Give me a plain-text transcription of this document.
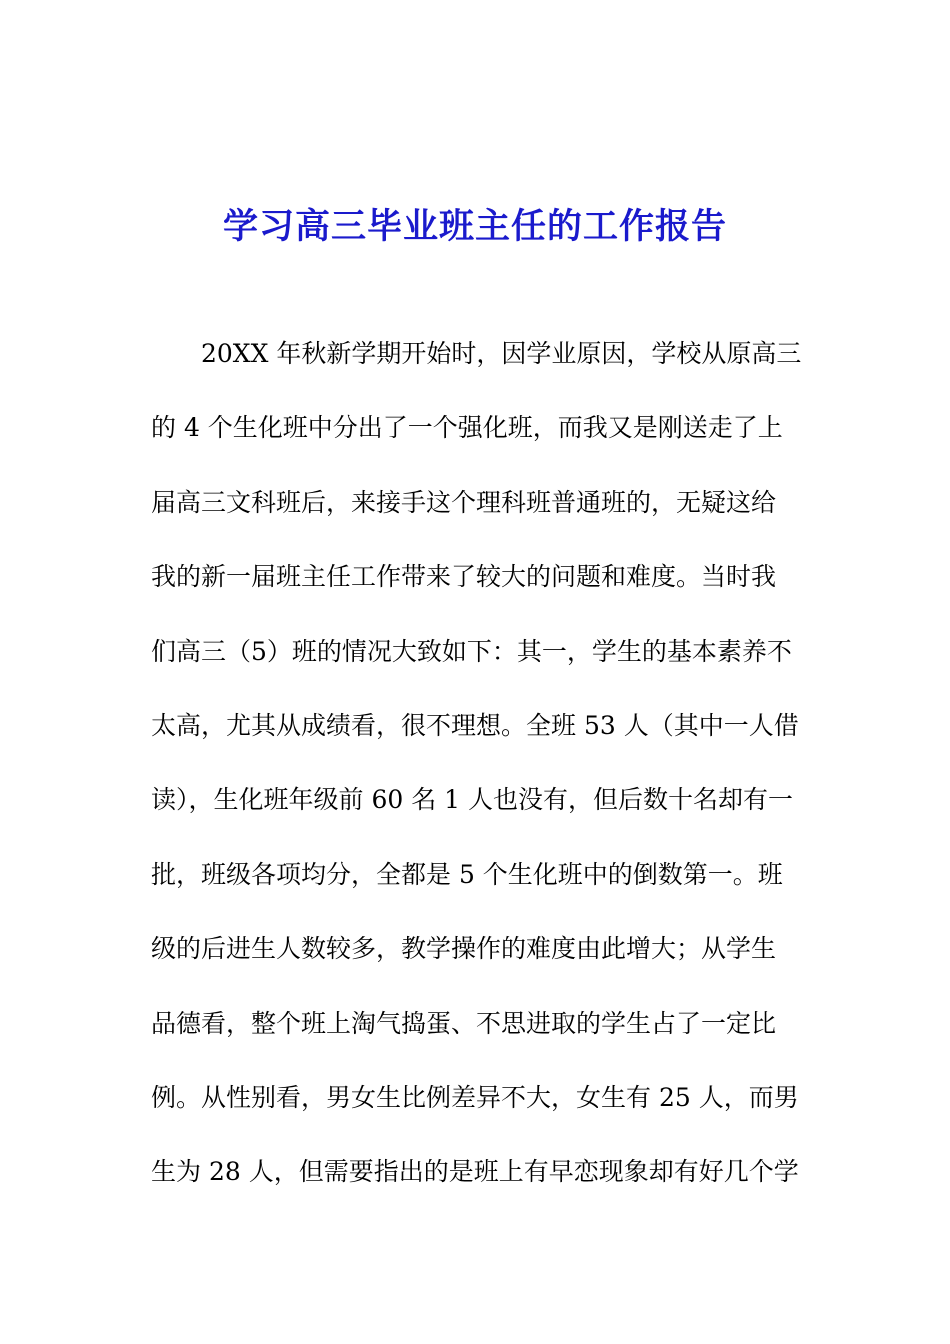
学习高三毕业班主任的工作报告
20XX 年秋新学期开始时，因学业原因，学校从原高三
的 4 个生化班中分出了一个强化班，而我又是刚送走了上
届高三文科班后，来接手这个理科班普通班的，无疑这给
我的新一届班主任工作带来了较大的问题和难度。当时我
们高三（5）班的情况大致如下：其一，学生的基本素养不
太高，尤其从成绩看，很不理想。全班 53 人（其中一人借
读），生化班年级前 60 名 1 人也没有，但后数十名却有一
批，班级各项均分，全都是 5 个生化班中的倒数第一。班
级的后进生人数较多，教学操作的难度由此增大；从学生
品德看，整个班上淘气捣蛋、不思进取的学生占了一定比
例。从性别看，男女生比例差异不大，女生有 25 人，而男
生为 28 人，但需要指出的是班上有早恋现象却有好几个学
